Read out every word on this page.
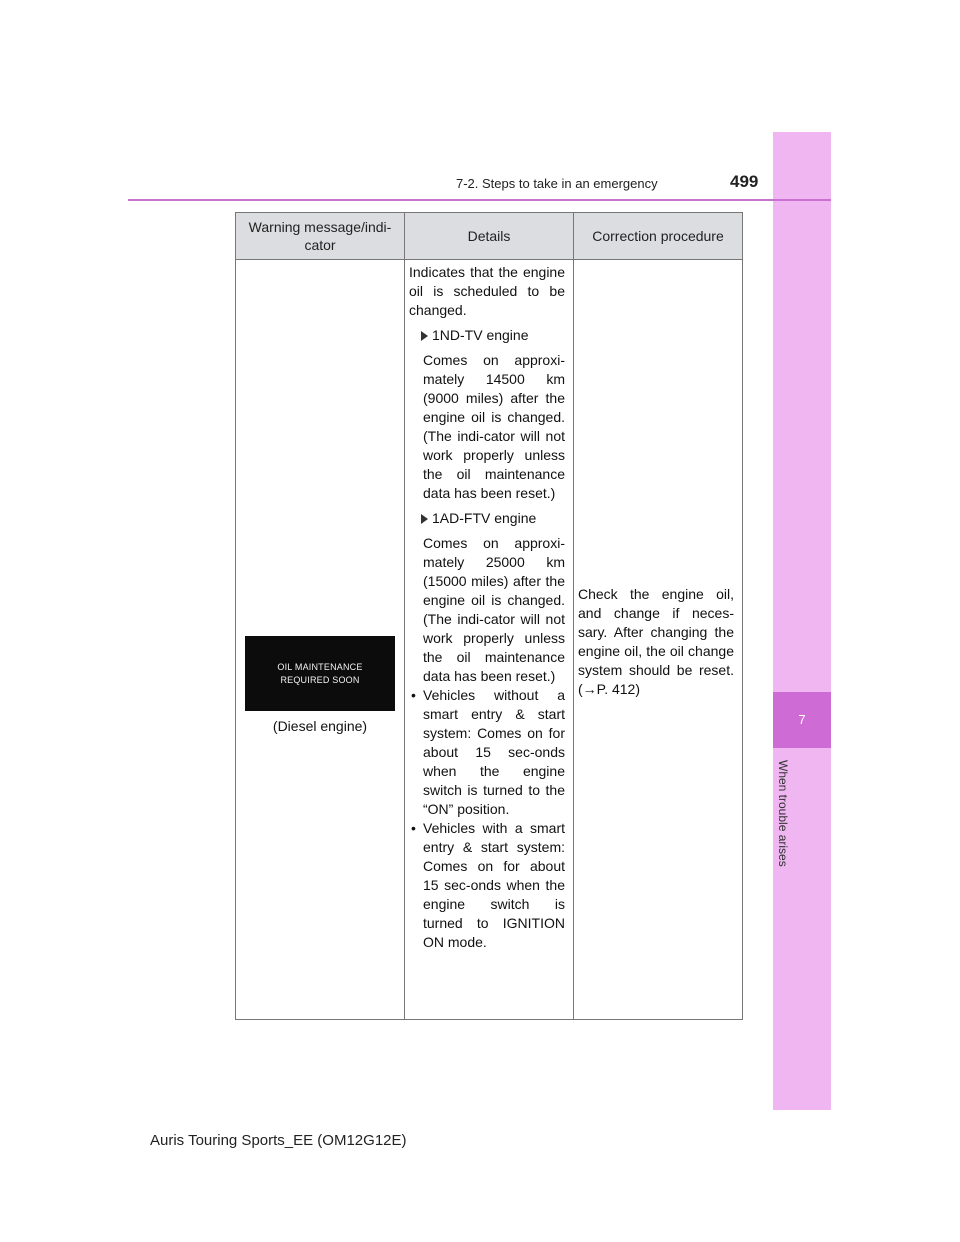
7
When trouble arises
7-2. Steps to take in an emergency	499
Warning message/indi-cator
Details	Correction procedure
OIL MAINTENANCE
REQUIRED SOON
(Diesel engine)

Indicates that the engine oil is scheduled to be changed.

1ND-TV engine

Comes on approxi-mately 14500 km (9000 miles) after the engine oil is changed. (The indi-cator will not work properly unless the oil maintenance data has been reset.)

1AD-FTV engine

Comes on approxi-mately 25000 km (15000 miles) after the engine oil is changed. (The indi-cator will not work properly unless the oil maintenance data has been reset.)

• Vehicles without a smart entry & start system: Comes on for about 15 sec-onds when the engine switch is turned to the “ON” position.

• Vehicles with a smart entry & start system: Comes on for about 15 sec-onds when the engine switch is turned to IGNITION ON mode.

Check the engine oil, and change if neces-sary. After changing the engine oil, the oil change system should be reset. (→P. 412)

Auris Touring Sports_EE (OM12G12E)
